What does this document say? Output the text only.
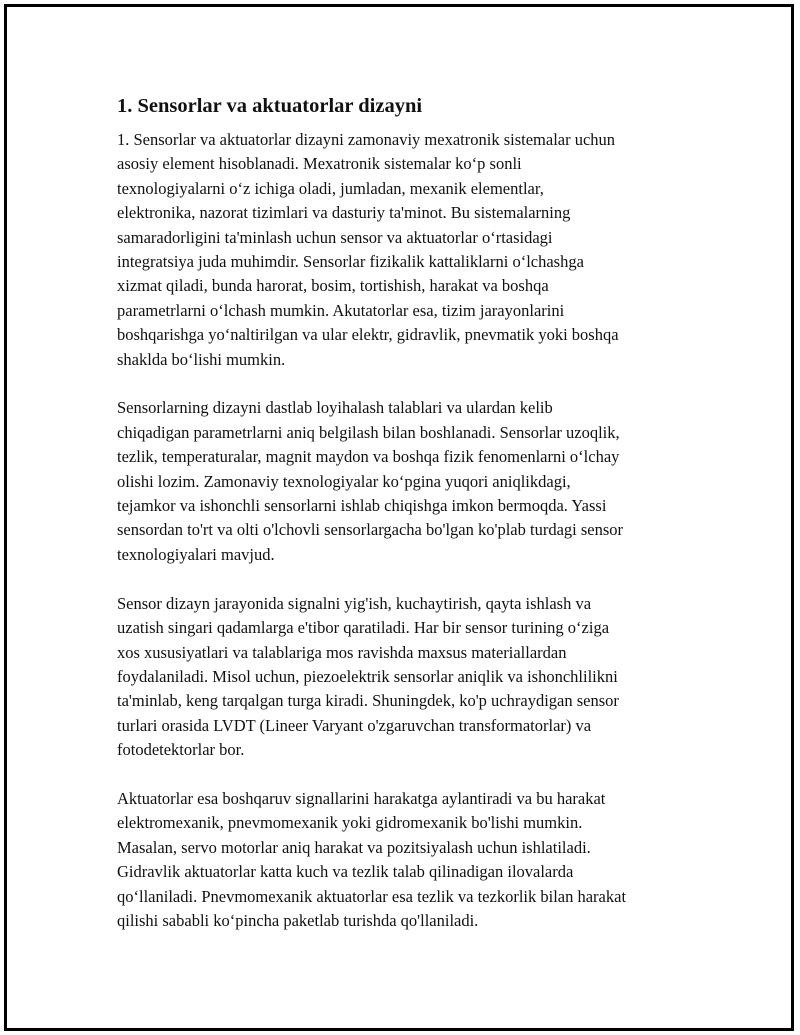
1. Sensorlar va aktuatorlar dizayni

1. Sensorlar va aktuatorlar dizayni zamonaviy mexatronik sistemalar uchun
asosiy element hisoblanadi. Mexatronik sistemalar ko‘p sonli
texnologiyalarni o‘z ichiga oladi, jumladan, mexanik elementlar,
elektronika, nazorat tizimlari va dasturiy ta'minot. Bu sistemalarning
samaradorligini ta'minlash uchun sensor va aktuatorlar o‘rtasidagi
integratsiya juda muhimdir. Sensorlar fizikalik kattaliklarni o‘lchashga
xizmat qiladi, bunda harorat, bosim, tortishish, harakat va boshqa
parametrlarni o‘lchash mumkin. Akutatorlar esa, tizim jarayonlarini
boshqarishga yo‘naltirilgan va ular elektr, gidravlik, pnevmatik yoki boshqa
shaklda bo‘lishi mumkin.

Sensorlarning dizayni dastlab loyihalash talablari va ulardan kelib
chiqadigan parametrlarni aniq belgilash bilan boshlanadi. Sensorlar uzoqlik,
tezlik, temperaturalar, magnit maydon va boshqa fizik fenomenlarni o‘lchay
olishi lozim. Zamonaviy texnologiyalar ko‘pgina yuqori aniqlikdagi,
tejamkor va ishonchli sensorlarni ishlab chiqishga imkon bermoqda. Yassi
sensordan to'rt va olti o'lchovli sensorlargacha bo'lgan ko'plab turdagi sensor
texnologiyalari mavjud.

Sensor dizayn jarayonida signalni yig'ish, kuchaytirish, qayta ishlash va
uzatish singari qadamlarga e'tibor qaratiladi. Har bir sensor turining o‘ziga
xos xususiyatlari va talablariga mos ravishda maxsus materiallardan
foydalaniladi. Misol uchun, piezoelektrik sensorlar aniqlik va ishonchlilikni
ta'minlab, keng tarqalgan turga kiradi. Shuningdek, ko'p uchraydigan sensor
turlari orasida LVDT (Lineer Varyant o'zgaruvchan transformatorlar) va
fotodetektorlar bor.

Aktuatorlar esa boshqaruv signallarini harakatga aylantiradi va bu harakat
elektromexanik, pnevmomexanik yoki gidromexanik bo'lishi mumkin.
Masalan, servo motorlar aniq harakat va pozitsiyalash uchun ishlatiladi.
Gidravlik aktuatorlar katta kuch va tezlik talab qilinadigan ilovalarda
qo‘llaniladi. Pnevmomexanik aktuatorlar esa tezlik va tezkorlik bilan harakat
qilishi sababli ko‘pincha paketlab turishda qo'llaniladi.
